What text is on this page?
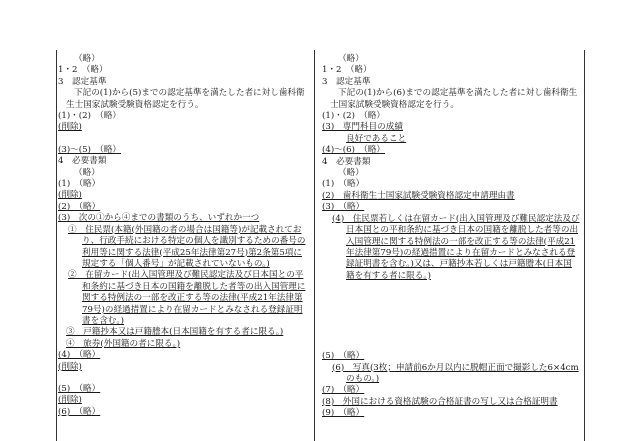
（略）
1・2　（略）
3　認定基準
下記の(1)から(5)までの認定基準を満たした者に対し歯科衛生士国家試験受験資格認定を行う。
(1)・(2)　（略）
(削除)
(3)～(5)　（略）
4　必要書類
（略）
(1)　（略）
(削除)
(2)　（略）
(3)　次の①から④までの書類のうち、いずれか一つ
①　住民票(本籍(外国籍の者の場合は国籍等)が記載されており、行政手続における特定の個人を識別するための番号の利用等に関する法律(平成25年法律第27号)第2条第5項に規定する「個人番号」が記載されていないもの。)
②　在留カード(出入国管理及び難民認定法及び日本国との平和条約に基づき日本の国籍を離脱した者等の出入国管理に関する特例法の一部を改正する等の法律(平成21年法律第79号)の経過措置により在留カードとみなされる登録証明書を含む。)
③　戸籍抄本又は戸籍謄本(日本国籍を有する者に限る。)
④　旅券(外国籍の者に限る。)
(4)　（略）
(削除)
(5)　（略）
(削除)
(6)　（略）
（略）
1・2　（略）
3　認定基準
下記の(1)から(6)までの認定基準を満たした者に対し歯科衛生士国家試験受験資格認定を行う。
(1)・(2)　（略）
(3)　専門科目の成績
良好であること
(4)～(6)　（略）
4　必要書類
（略）
(1)　（略）
(2)　歯科衛生士国家試験受験資格認定申請理由書
(3)　（略）
(4)　住民票若しくは在留カード(出入国管理及び難民認定法及び日本国との平和条約に基づき日本の国籍を離脱した者等の出入国管理に関する特例法の一部を改正する等の法律(平成21年法律第79号)の経過措置により在留カードとみなされる登録証明書を含む。)又は、戸籍抄本若しくは戸籍謄本(日本国籍を有する者に限る。)
(5)　（略）
(6)　写真(3枚；申請前6か月以内に脱帽正面で撮影した6×4cmのもの。)
(7)　（略）
(8)　外国における資格試験の合格証書の写し又は合格証明書
(9)　（略）
